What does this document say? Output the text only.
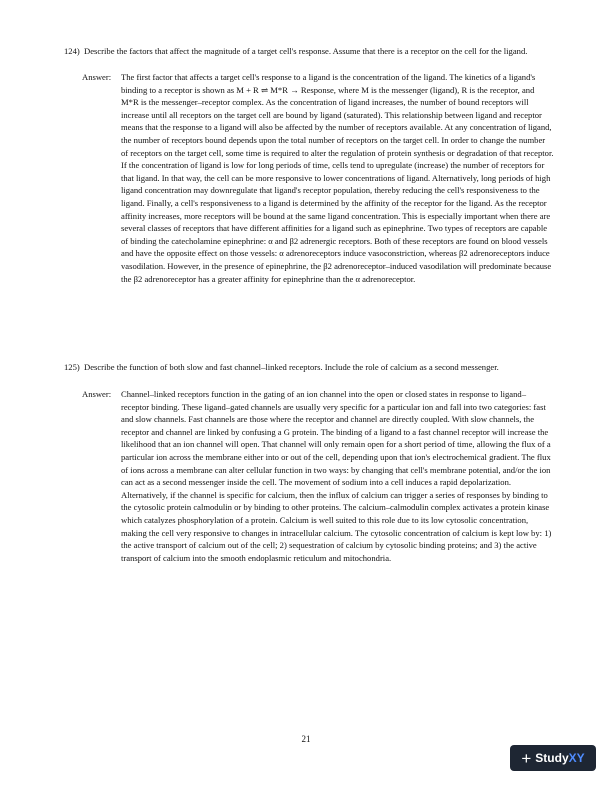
124) Describe the factors that affect the magnitude of a target cell's response. Assume that there is a receptor on the cell for the ligand.
Answer: The first factor that affects a target cell's response to a ligand is the concentration of the ligand. The kinetics of a ligand's binding to a receptor is shown as M + R ⇌ M*R → Response, where M is the messenger (ligand), R is the receptor, and M*R is the messenger–receptor complex. As the concentration of ligand increases, the number of bound receptors will increase until all receptors on the target cell are bound by ligand (saturated). This relationship between ligand and receptor means that the response to a ligand will also be affected by the number of receptors available. At any concentration of ligand, the number of receptors bound depends upon the total number of receptors on the target cell. In order to change the number of receptors on the target cell, some time is required to alter the regulation of protein synthesis or degradation of that receptor. If the concentration of ligand is low for long periods of time, cells tend to upregulate (increase) the number of receptors for that ligand. In that way, the cell can be more responsive to lower concentrations of ligand. Alternatively, long periods of high ligand concentration may downregulate that ligand's receptor population, thereby reducing the cell's responsiveness to the ligand. Finally, a cell's responsiveness to a ligand is determined by the affinity of the receptor for the ligand. As the receptor affinity increases, more receptors will be bound at the same ligand concentration. This is especially important when there are several classes of receptors that have different affinities for a ligand such as epinephrine. Two types of receptors are capable of binding the catecholamine epinephrine: α and β2 adrenergic receptors. Both of these receptors are found on blood vessels and have the opposite effect on those vessels: α adrenoreceptors induce vasoconstriction, whereas β2 adrenoreceptors induce vasodilation. However, in the presence of epinephrine, the β2 adrenoreceptor–induced vasodilation will predominate because the β2 adrenoreceptor has a greater affinity for epinephrine than the α adrenoreceptor.
125) Describe the function of both slow and fast channel–linked receptors. Include the role of calcium as a second messenger.
Answer: Channel–linked receptors function in the gating of an ion channel into the open or closed states in response to ligand–receptor binding. These ligand–gated channels are usually very specific for a particular ion and fall into two categories: fast and slow channels. Fast channels are those where the receptor and channel are directly coupled. With slow channels, the receptor and channel are linked by confusing a G protein. The binding of a ligand to a fast channel receptor will increase the likelihood that an ion channel will open. That channel will only remain open for a short period of time, allowing the flux of a particular ion across the membrane either into or out of the cell, depending upon that ion's electrochemical gradient. The flux of ions across a membrane can alter cellular function in two ways: by changing that cell's membrane potential, and/or the ion can act as a second messenger inside the cell. The movement of sodium into a cell induces a rapid depolarization. Alternatively, if the channel is specific for calcium, then the influx of calcium can trigger a series of responses by binding to the cytosolic protein calmodulin or by binding to other proteins. The calcium–calmodulin complex activates a protein kinase which catalyzes phosphorylation of a protein. Calcium is well suited to this role due to its low cytosolic concentration, making the cell very responsive to changes in intracellular calcium. The cytosolic concentration of calcium is kept low by: 1) the active transport of calcium out of the cell; 2) sequestration of calcium by cytosolic binding proteins; and 3) the active transport of calcium into the smooth endoplasmic reticulum and mitochondria.
21
+ Study XY
